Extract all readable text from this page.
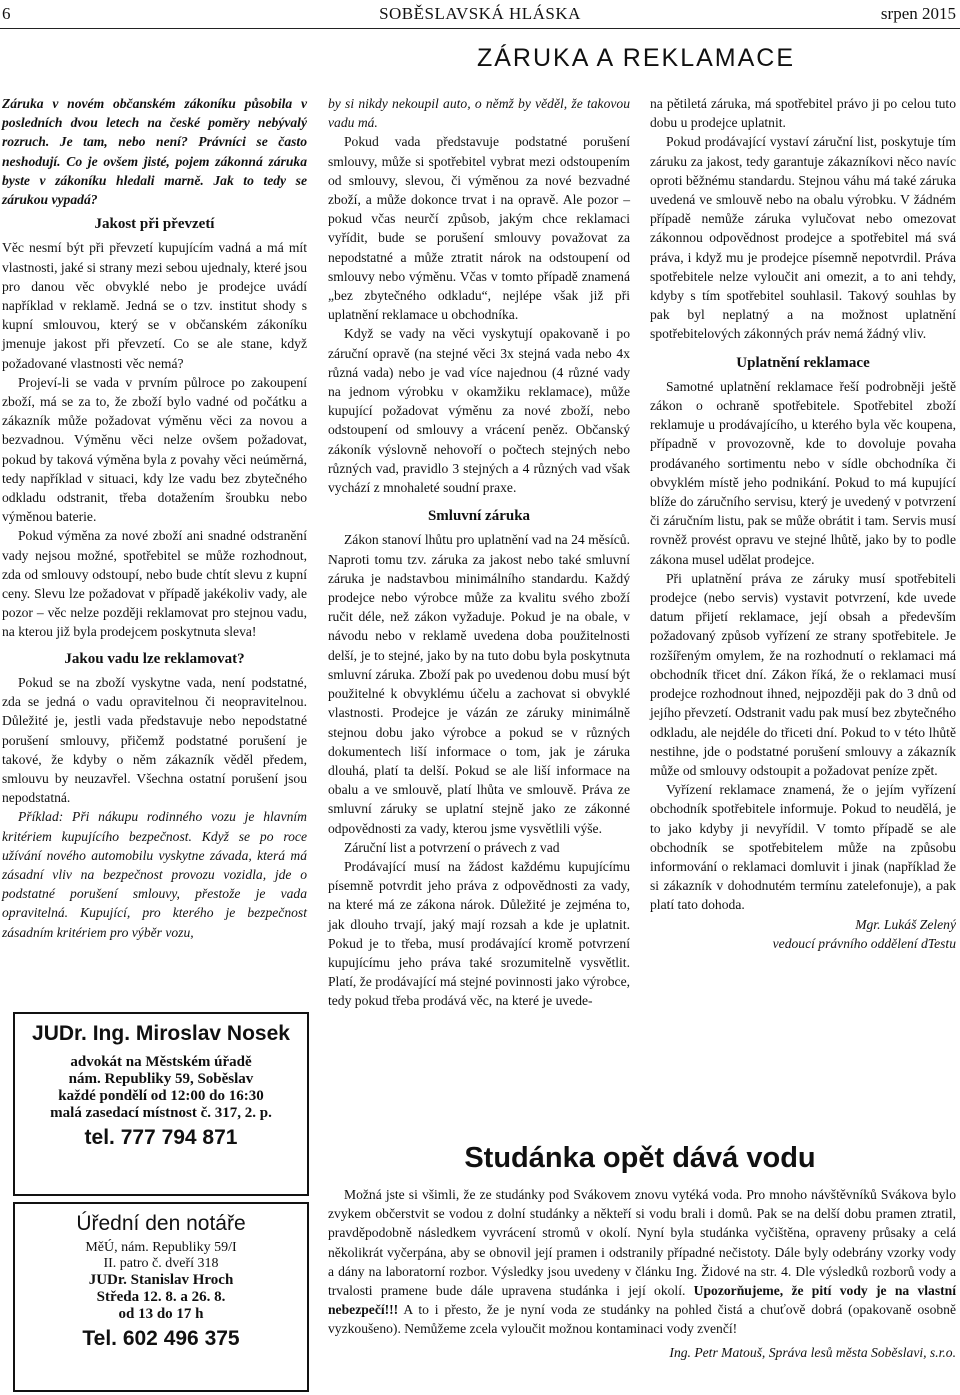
6	SOBĚSLAVSKÁ HLÁSKA	srpen 2015
ZÁRUKA A REKLAMACE

Záruka v novém občanském zákoníku působila v posledních dvou letech na české poměry nebývalý rozruch. Je tam, nebo není? Právníci se často neshodují. Co je ovšem jisté, pojem zákonná záruka byste v zákoníku hledali marně. Jak to tedy se zárukou vypadá?

Jakost při převzetí

Věc nesmí být při převzetí kupujícím vadná a má mít vlastnosti, jaké si strany mezi sebou ujednaly, které jsou pro danou věc obvyklé nebo je prodejce uvádí například v reklamě. Jedná se o tzv. institut shody s kupní smlouvou, který se v občanském zákoníku jmenuje jakost při převzetí. Co se ale stane, když požadované vlastnosti věc nemá?

Projeví-li se vada v prvním půlroce po zakoupení zboží, má se za to, že zboží bylo vadné od počátku a zákazník může požadovat výměnu věci za novou a bezvadnou. Výměnu věci nelze ovšem požadovat, pokud by taková výměna byla z povahy věci neúměrná, tedy například v situaci, kdy lze vadu bez zbytečného odkladu odstranit, třeba dotažením šroubku nebo výměnou baterie.

Pokud výměna za nové zboží ani snadné odstranění vady nejsou možné, spotřebitel se může rozhodnout, zda od smlouvy odstoupí, nebo bude chtít slevu z kupní ceny. Slevu lze požadovat v případě jakékoliv vady, ale pozor – věc nelze později reklamovat pro stejnou vadu, na kterou již byla prodejcem poskytnuta sleva!

Jakou vadu lze reklamovat?

Pokud se na zboží vyskytne vada, není podstatné, zda se jedná o vadu opravitelnou či neopravitelnou. Důležité je, jestli vada představuje nebo nepodstatné porušení smlouvy, přičemž podstatné porušení je takové, že kdyby o něm zákazník věděl předem, smlouvu by neuzavřel. Všechna ostatní porušení jsou nepodstatná.

Příklad: Při nákupu rodinného vozu je hlavním kritériem kupujícího bezpečnost. Když se po roce užívání nového automobilu vyskytne závada, která má zásadní vliv na bezpečnost provozu vozidla, jde o podstatné porušení smlouvy, přestože je vada opravitelná. Kupující, pro kterého je bezpečnost zásadním kritériem pro výběr vozu,

JUDr. Ing. Miroslav Nosek

advokát na Městském úřadě

nám. Republiky 59, Soběslav

každé pondělí od 12:00 do 16:30

malá zasedací místnost č. 317, 2. p.

tel. 777 794 871

Úřední den notáře

MěÚ, nám. Republiky 59/I

II. patro č. dveří 318

JUDr. Stanislav Hroch

Středa 12. 8. a 26. 8.

od 13 do 17 h

Tel. 602 496 375

by si nikdy nekoupil auto, o němž by věděl, že takovou vadu má.

Pokud vada představuje podstatné porušení smlouvy, může si spotřebitel vybrat mezi odstoupením od smlouvy, slevou, či výměnou za nové bezvadné zboží, a může dokonce trvat i na opravě. Ale pozor – pokud včas neurčí způsob, jakým chce reklamaci vyřídit, bude se porušení smlouvy považovat za nepodstatné a může ztratit nárok na odstoupení od smlouvy nebo výměnu. Včas v tomto případě znamená „bez zbytečného odkladu“, nejlépe však již při uplatnění reklamace u obchodníka.

Když se vady na věci vyskytují opakovaně i po záruční opravě (na stejné věci 3x stejná vada nebo 4x různá vada) nebo je vad více najednou (4 různé vady na jednom výrobku v okamžiku reklamace), může kupující požadovat výměnu za nové zboží, nebo odstoupení od smlouvy a vrácení peněz. Občanský zákoník výslovně nehovoří o počtech stejných nebo různých vad, pravidlo 3 stejných a 4 různých vad však vychází z mnohaleté soudní praxe.

Smluvní záruka

Zákon stanoví lhůtu pro uplatnění vad na 24 měsíců. Naproti tomu tzv. záruka za jakost nebo také smluvní záruka je nadstavbou minimálního standardu. Každý prodejce nebo výrobce může za kvalitu svého zboží ručit déle, než zákon vyžaduje. Pokud je na obale, v návodu nebo v reklamě uvedena doba použitelnosti delší, je to stejné, jako by na tuto dobu byla poskytnuta smluvní záruka. Zboží pak po uvedenou dobu musí být použitelné k obvyklému účelu a zachovat si obvyklé vlastnosti. Prodejce je vázán ze záruky minimálně stejnou dobu jako výrobce a pokud se v různých dokumentech liší informace o tom, jak je záruka dlouhá, platí ta delší. Pokud se ale liší informace na obalu a ve smlouvě, platí lhůta ve smlouvě. Práva ze smluvní záruky se uplatní stejně jako ze zákonné odpovědnosti za vady, kterou jsme vysvětlili výše.

Záruční list a potvrzení o právech z vad

Prodávající musí na žádost každému kupujícímu písemně potvrdit jeho práva z odpovědnosti za vady, na které má ze zákona nárok. Důležité je zejména to, jak dlouho trvají, jaký mají rozsah a kde je uplatnit. Pokud je to třeba, musí prodávající kromě potvrzení kupujícímu jeho práva také srozumitelně vysvětlit. Platí, že prodávající má stejné povinnosti jako výrobce, tedy pokud třeba prodává věc, na které je uvede-

na pětiletá záruka, má spotřebitel právo ji po celou tuto dobu u prodejce uplatnit.

Pokud prodávající vystaví záruční list, poskytuje tím záruku za jakost, tedy garantuje zákazníkovi něco navíc oproti běžnému standardu. Stejnou váhu má také záruka uvedená ve smlouvě nebo na obalu výrobku. V žádném případě nemůže záruka vylučovat nebo omezovat zákonnou odpovědnost prodejce a spotřebitel má svá práva, i když mu je prodejce písemně nepotvrdil. Práva spotřebitele nelze vyloučit ani omezit, a to ani tehdy, kdyby s tím spotřebitel souhlasil. Takový souhlas by pak byl neplatný a na možnost uplatnění spotřebitelových zákonných práv nemá žádný vliv.

Uplatnění reklamace

Samotné uplatnění reklamace řeší podrobněji ještě zákon o ochraně spotřebitele. Spotřebitel zboží reklamuje u prodávajícího, u kterého byla věc koupena, případně v provozovně, kde to dovoluje povaha prodávaného sortimentu nebo v sídle obchodníka či obvyklém místě jeho podnikání. Pokud to má kupující blíže do záručního servisu, který je uvedený v potvrzení či záručním listu, pak se může obrátit i tam. Servis musí rovněž provést opravu ve stejné lhůtě, jako by to podle zákona musel udělat prodejce.

Při uplatnění práva ze záruky musí spotřebiteli prodejce (nebo servis) vystavit potvrzení, kde uvede datum přijetí reklamace, její obsah a především požadovaný způsob vyřízení ze strany spotřebitele. Je rozšířeným omylem, že na rozhodnutí o reklamaci má obchodník třicet dní. Zákon říká, že o reklamaci musí prodejce rozhodnout ihned, nejpozději pak do 3 dnů od jejího převzetí. Odstranit vadu pak musí bez zbytečného odkladu, ale nejdéle do třiceti dní. Pokud to v této lhůtě nestihne, jde o podstatné porušení smlouvy a zákazník může od smlouvy odstoupit a požadovat peníze zpět.

Vyřízení reklamace znamená, že o jejím vyřízení obchodník spotřebitele informuje. Pokud to neudělá, je to jako kdyby ji nevyřídil. V tomto případě se ale obchodník se spotřebitelem může na způsobu informování o reklamaci domluvit i jinak (například že si zákazník v dohodnutém termínu zatelefonuje), a pak platí tato dohoda.

Mgr. Lukáš Zelený

vedoucí právního oddělení dTestu

Studánka opět dává vodu

Možná jste si všimli, že ze studánky pod Svákovem znovu vytéká voda. Pro mnoho návštěvníků Svákova bylo zvykem občerstvit se vodou z dolní studánky a někteří si vodu brali i domů. Pak se na delší dobu pramen ztratil, pravděpodobně následkem vyvrácení stromů v okolí. Nyní byla studánka vyčištěna, opraveny průsaky a celá několikrát vyčerpána, aby se obnovil její pramen i odstranily případné nečistoty. Dále byly odebrány vzorky vody a dány na laboratorní rozbor. Výsledky jsou uvedeny v článku Ing. Židové na str. 4. Dle výsledků rozborů vody a trvalosti pramene bude dále upravena studánka i její okolí. Upozorňujeme, že pití vody je na vlastní nebezpečí!!! A to i přesto, že je nyní voda ze studánky na pohled čistá a chuťově dobrá (opakovaně osobně vyzkoušeno). Nemůžeme zcela vyloučit možnou kontaminaci vody zvenčí!

Ing. Petr Matouš, Správa lesů města Soběslavi, s.r.o.
